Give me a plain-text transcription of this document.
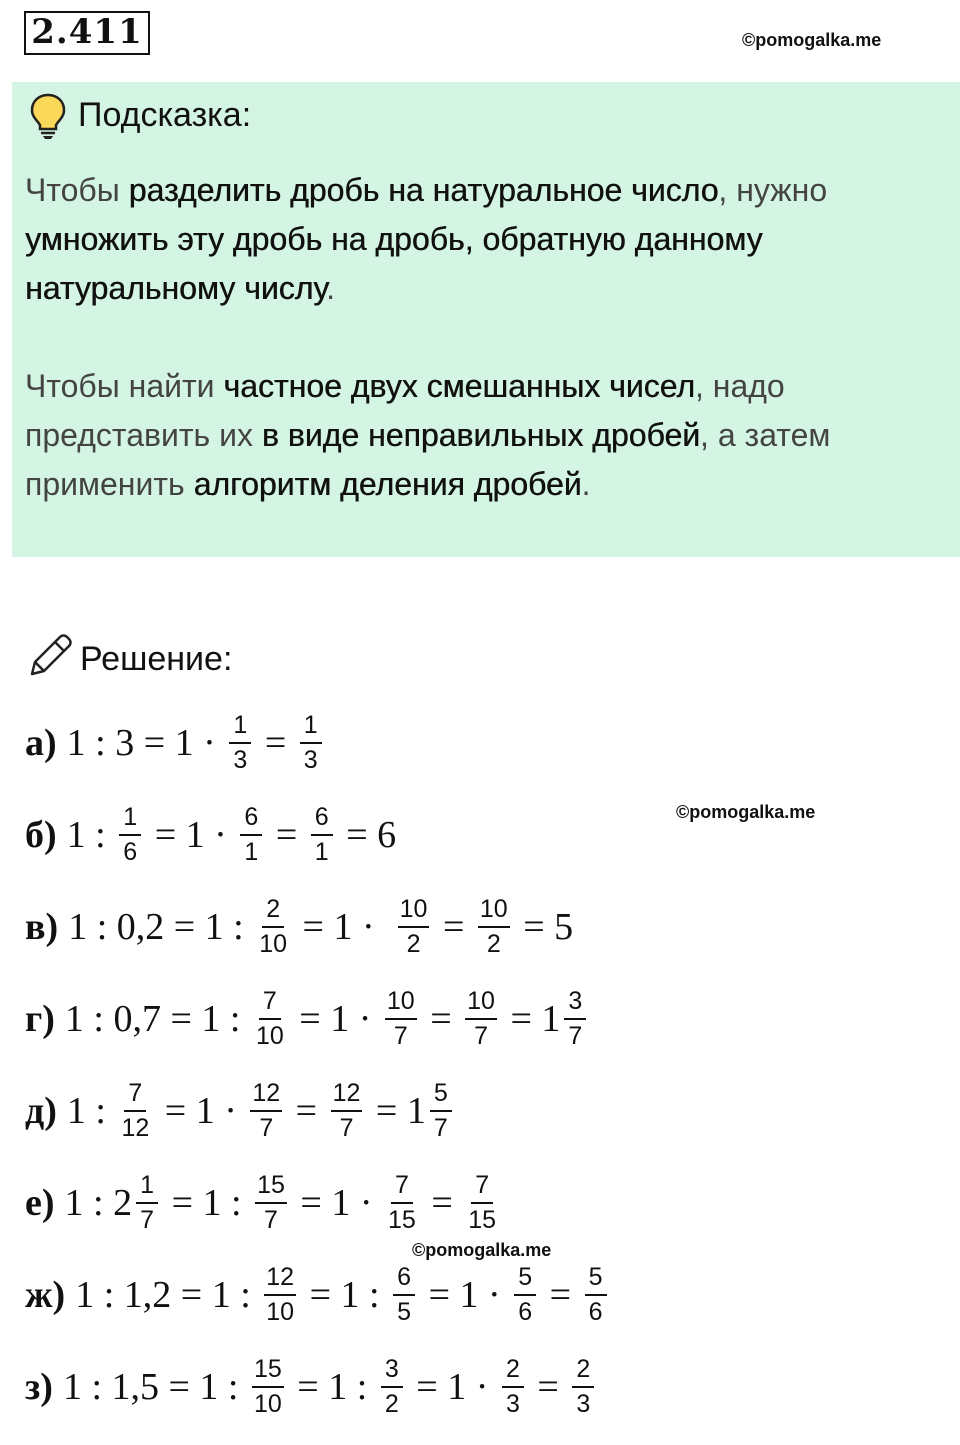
2.411	©pomogalka.me
Подсказка:
Чтобы разделить дробь на натуральное число, нужно умножить эту дробь на дробь, обратную данному натуральному числу.
Чтобы найти частное двух смешанных чисел, надо представить их в виде неправильных дробей, а затем применить алгоритм деления дробей.
Решение:
а) 1 : $3 = 1 \cdot \frac{1}{3} = \frac{1}{3}$
б) 1 : $\frac{1}{6} = 1 \cdot \frac{6}{1} = \frac{6}{1} = 6$
в) 1 : 0,2 = 1 : $\frac{2}{10} = 1 \cdot \frac{10}{2} = \frac{10}{2} = 5$
г) 1 : 0,7 = 1 : $\frac{7}{10} = 1 \cdot \frac{10}{7} = \frac{10}{7} = 1 \frac{3}{7}$
д) 1 : $\frac{7}{12} = 1 \cdot \frac{12}{7} = \frac{12}{7} = 1 \frac{5}{7}$
е) 1 : $2 \frac{1}{7} = 1$ : $\frac{15}{7} = 1 \cdot \frac{7}{15} = \frac{7}{15}$
ж) 1 : 1,2 = 1 : $\frac{12}{10} = 1$ : $\frac{6}{5} = 1 \cdot \frac{5}{6} = \frac{5}{6}$
з) 1 : 1,5 = 1 : $\frac{15}{10} = 1$ : $\frac{3}{2} = 1 \cdot \frac{2}{3} = \frac{2}{3}$
©pomogalka.me
©pomogalka.me
